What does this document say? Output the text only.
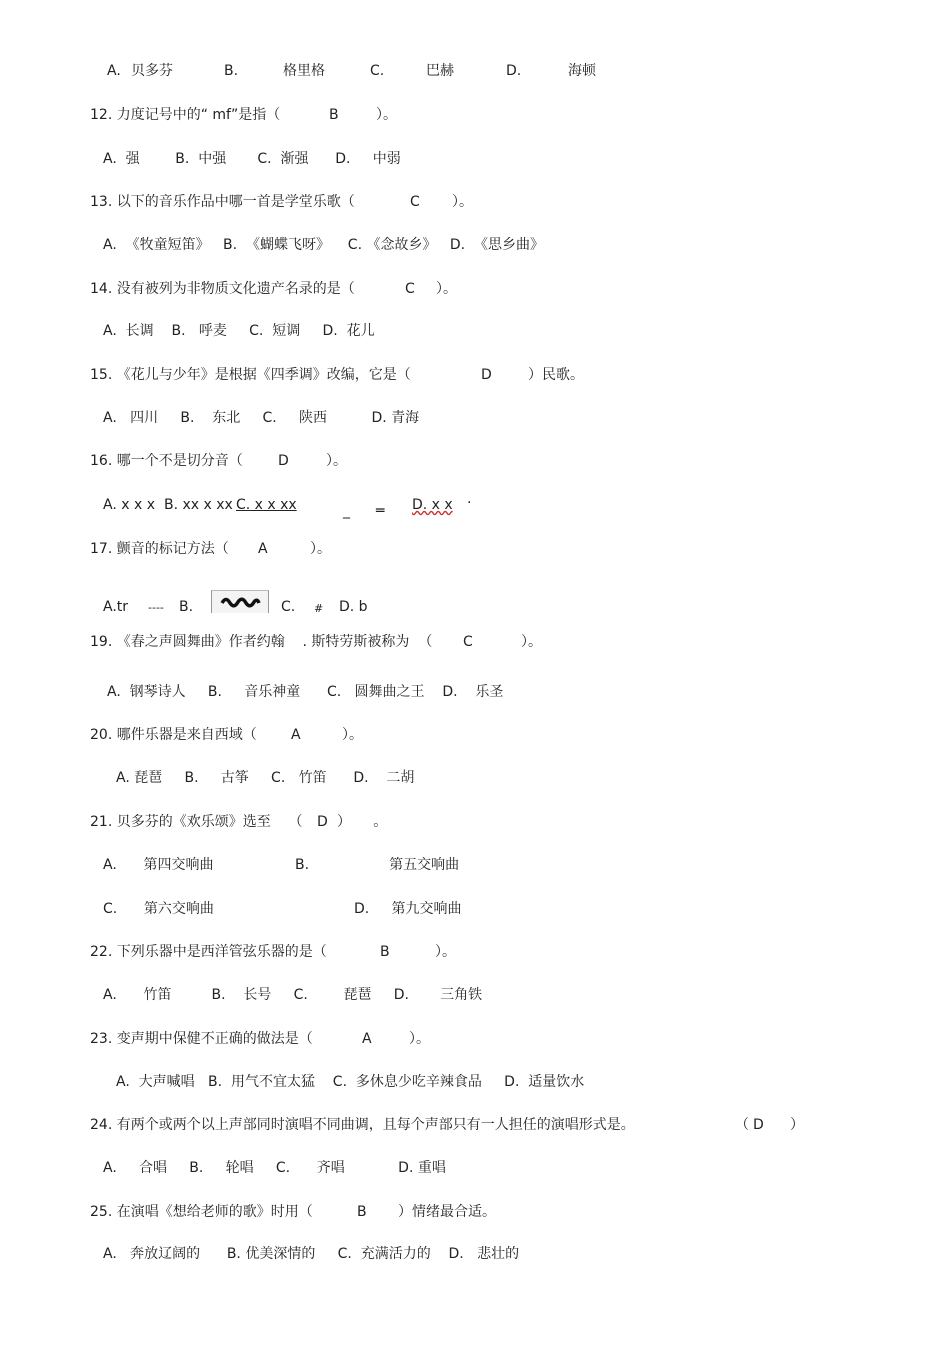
A. 贝多芬	B.	格里格	C.	巴赫	D.	海顿
12. 力度记号中的“ mf”是指（	B	）。
A.  强        B.  中强       C.  渐强      D.     中弱
13. 以下的音乐作品中哪一首是学堂乐歌（	C ）。
A.  《牧童短笛》   B.  《蝴蝶飞呀》    C. 《念故乡》   D.  《思乡曲》
14. 没有被列为非物质文化遗产名录的是（	C ）。
A.  长调    B.   呼麦     C.  短调     D.  花儿
15. 《花儿与少年》是根据《四季调》改编，它是（	D	）民歌。
A.   四川     B.    东北     C.     陕西          D. 青海
16. 哪一个不是切分音（	D	）。
A. x x x B. xx x xx C. x x xx	_ ═ D. x x ·
17. 颤音的标记方法（ A	）。
A.tr ---- B.	C. # D. b
19. 《春之声圆舞曲》作者约翰    . 斯特劳斯被称为  （ C	）。
A.  钢琴诗人     B.     音乐神童      C.   圆舞曲之王    D.    乐圣
20. 哪件乐器是来自西域（ A	）。
A. 琵琶     B.     古筝     C.   竹笛      D.    二胡
21. 贝多芬的《欢乐颂》选至    （ D ）     。
A.      第四交响曲	B.                  第五交响曲
C.      第六交响曲	D.     第九交响曲
22. 下列乐器中是西洋管弦乐器的是（	B	）。
A.      竹笛         B.    长号     C.        琵琶     D.       三角铁
23. 变声期中保健不正确的做法是（	A	）。
A.  大声喊唱   B.  用气不宜太猛    C.  多休息少吃辛辣食品     D.  适量饮水
24. 有两个或两个以上声部同时演唱不同曲调，且每个声部只有一人担任的演唱形式是。	（ D ）
A.     合唱     B.     轮唱     C.      齐唱            D. 重唱
25. 在演唱《想给老师的歌》时用（	B ）情绪最合适。
A.   奔放辽阔的      B. 优美深情的     C.  充满活力的    D.   悲壮的
